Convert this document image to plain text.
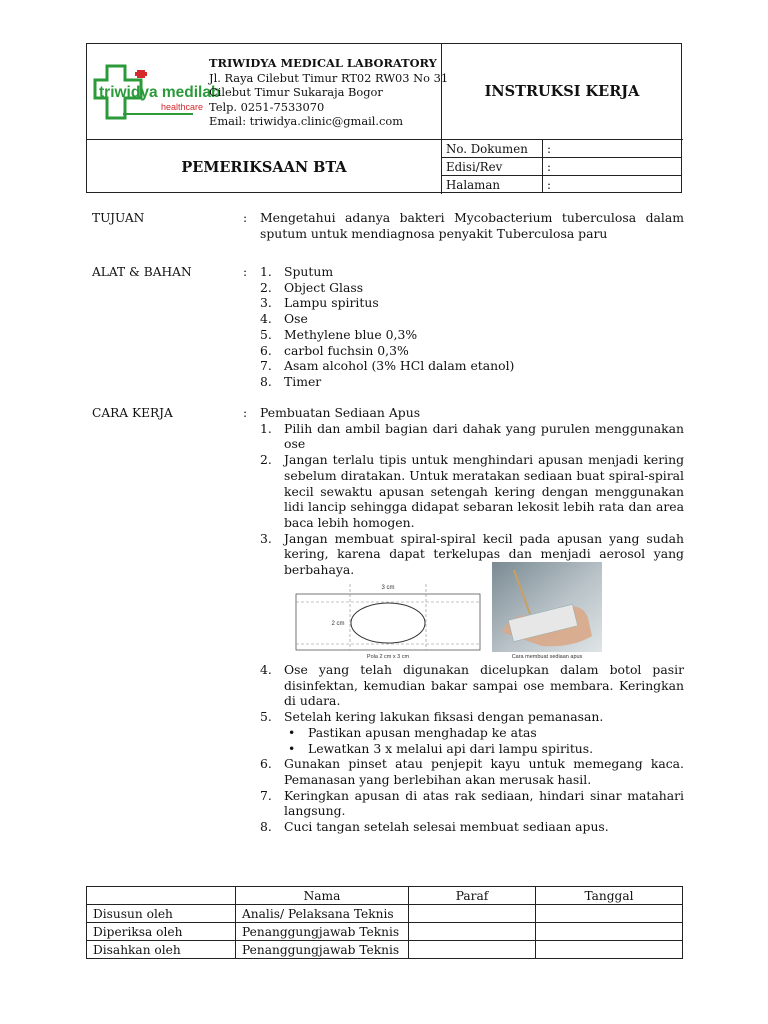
triwidya medilab
healthcare
TRIWIDYA MEDICAL LABORATORY
Jl. Raya Cilebut Timur RT02 RW03 No 31
Cilebut Timur Sukaraja Bogor
Telp. 0251-7533070
Email: triwidya.clinic@gmail.com
INSTRUKSI KERJA
PEMERIKSAAN BTA
No. Dokumen	:
Edisi/Rev	:
Halaman	:
TUJUAN	: Mengetahui adanya bakteri Mycobacterium tuberculosa dalam sputum untuk mendiagnosa penyakit Tuberculosa paru
ALAT & BAHAN	: 1. Sputum
2. Object Glass
3. Lampu spiritus
4. Ose
5. Methylene blue 0,3%
6. carbol fuchsin 0,3%
7. Asam alcohol (3% HCl dalam etanol)
8. Timer
CARA KERJA	: Pembuatan Sediaan Apus
1. Pilih dan ambil bagian dari dahak yang purulen menggunakan ose
2. Jangan terlalu tipis untuk menghindari apusan menjadi kering sebelum diratakan. Untuk meratakan sediaan buat spiral-spiral kecil sewaktu apusan setengah kering dengan menggunakan lidi lancip sehingga didapat sebaran lekosit lebih rata dan area baca lebih homogen.
3. Jangan membuat spiral-spiral kecil pada apusan yang sudah kering, karena dapat terkelupas dan menjadi aerosol yang berbahaya.
3 cm
2 cm
Pola 2 cm x 3 cm	Cara membuat sediaan apus
4. Ose yang telah digunakan dicelupkan dalam botol pasir disinfektan, kemudian bakar sampai ose membara. Keringkan di udara.
5. Setelah kering lakukan fiksasi dengan pemanasan.
• Pastikan apusan menghadap ke atas
• Lewatkan 3 x melalui api dari lampu spiritus.
6. Gunakan pinset atau penjepit kayu untuk memegang kaca. Pemanasan yang berlebihan akan merusak hasil.
7. Keringkan apusan di atas rak sediaan, hindari sinar matahari langsung.
8. Cuci tangan setelah selesai membuat sediaan apus.
	Nama	Paraf	Tanggal
Disusun oleh	Analis/ Pelaksana Teknis		
Diperiksa oleh	Penanggungjawab Teknis		
Disahkan oleh	Penanggungjawab Teknis		
